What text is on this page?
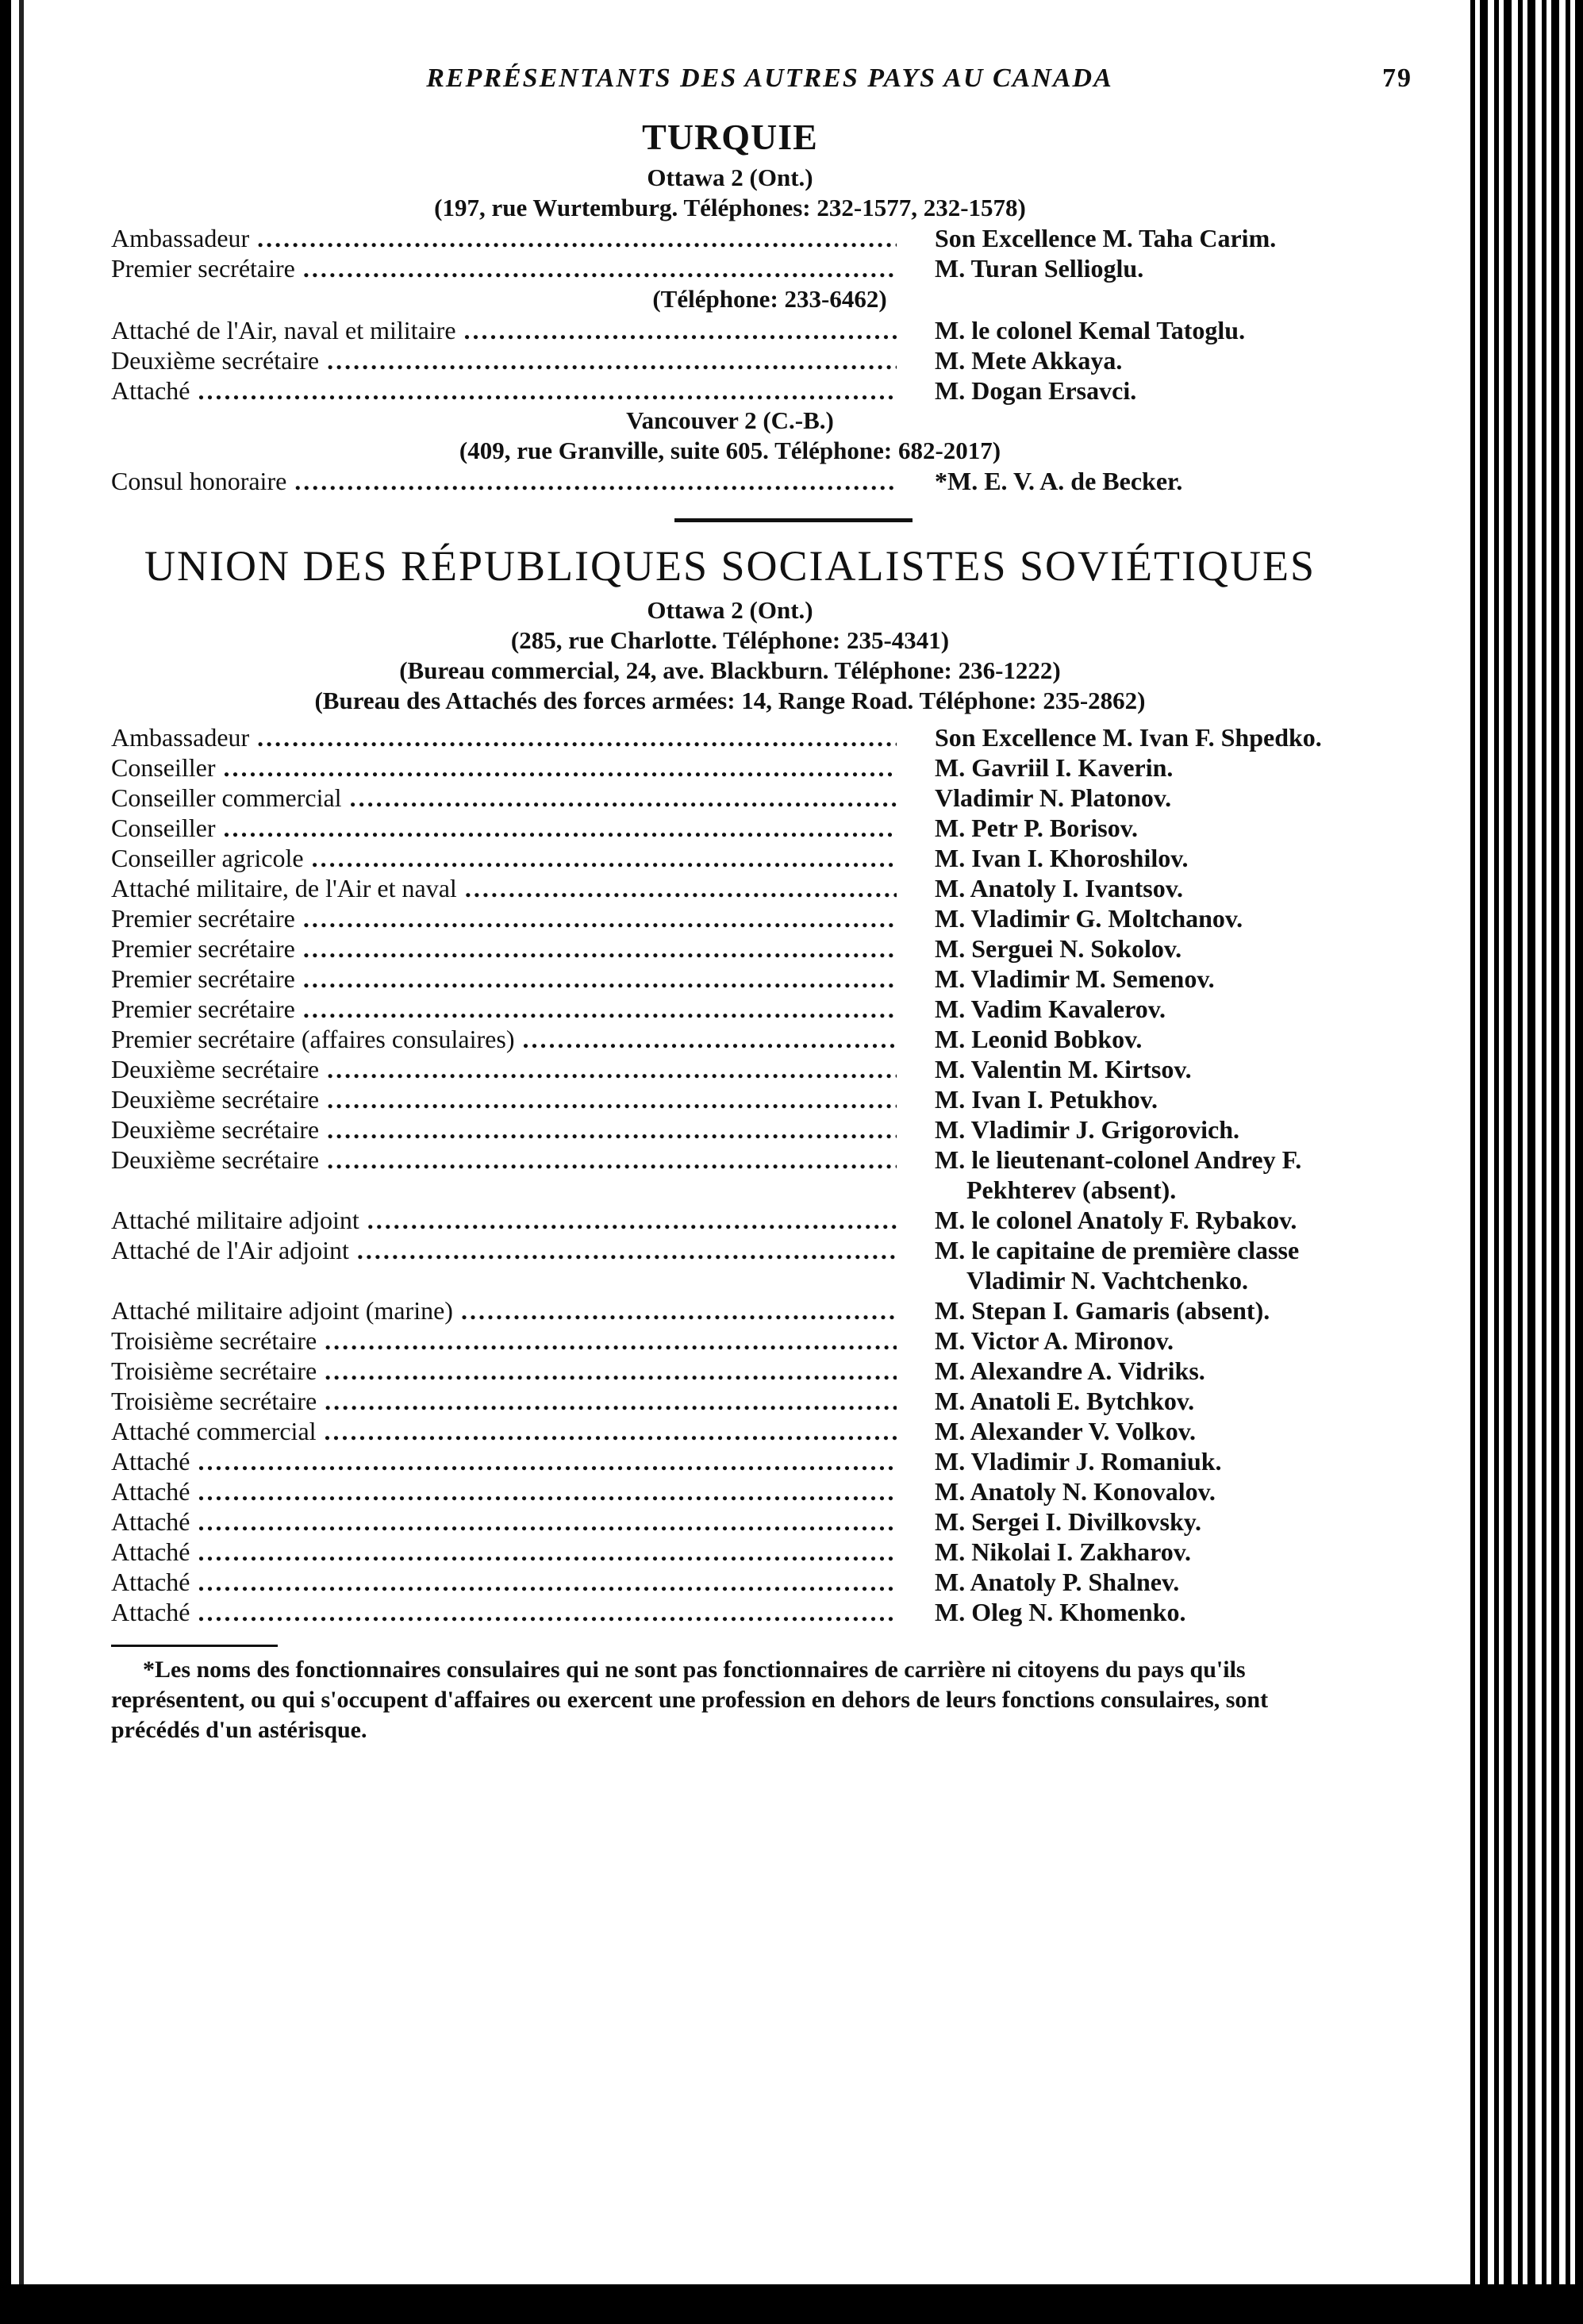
REPRÉSENTANTS DES AUTRES PAYS AU CANADA	79
TURQUIE
Ottawa 2 (Ont.)
(197, rue Wurtemburg. Téléphones: 232-1577, 232-1578)
Ambassadeur .....	Son Excellence M. Taha Carim.
Premier secrétaire .....	M. Turan Sellioglu.
(Téléphone: 233-6462)
Attaché de l'Air, naval et militaire .....	M. le colonel Kemal Tatoglu.
Deuxième secrétaire .....	M. Mete Akkaya.
Attaché .....	M. Dogan Ersavci.
Vancouver 2 (C.-B.)
(409, rue Granville, suite 605. Téléphone: 682-2017)
Consul honoraire .....	*M. E. V. A. de Becker.
UNION DES RÉPUBLIQUES SOCIALISTES SOVIÉTIQUES
Ottawa 2 (Ont.)
(285, rue Charlotte. Téléphone: 235-4341)
(Bureau commercial, 24, ave. Blackburn. Téléphone: 236-1222)
(Bureau des Attachés des forces armées: 14, Range Road. Téléphone: 235-2862)
Ambassadeur .....	Son Excellence M. Ivan F. Shpedko.
Conseiller .....	M. Gavriil I. Kaverin.
Conseiller commercial .....	Vladimir N. Platonov.
Conseiller .....	M. Petr P. Borisov.
Conseiller agricole .....	M. Ivan I. Khoroshilov.
Attaché militaire, de l'Air et naval .....	M. Anatoly I. Ivantsov.
Premier secrétaire .....	M. Vladimir G. Moltchanov.
Premier secrétaire .....	M. Serguei N. Sokolov.
Premier secrétaire .....	M. Vladimir M. Semenov.
Premier secrétaire .....	M. Vadim Kavalerov.
Premier secrétaire (affaires consulaires) .....	M. Leonid Bobkov.
Deuxième secrétaire .....	M. Valentin M. Kirtsov.
Deuxième secrétaire .....	M. Ivan I. Petukhov.
Deuxième secrétaire .....	M. Vladimir J. Grigorovich.
Deuxième secrétaire .....	M. le lieutenant-colonel Andrey F. Pekhterev (absent).
Attaché militaire adjoint .....	M. le colonel Anatoly F. Rybakov.
Attaché de l'Air adjoint .....	M. le capitaine de première classe Vladimir N. Vachtchenko.
Attaché militaire adjoint (marine) .....	M. Stepan I. Gamaris (absent).
Troisième secrétaire .....	M. Victor A. Mironov.
Troisième secrétaire .....	M. Alexandre A. Vidriks.
Troisième secrétaire .....	M. Anatoli E. Bytchkov.
Attaché commercial .....	M. Alexander V. Volkov.
Attaché .....	M. Vladimir J. Romaniuk.
Attaché .....	M. Anatoly N. Konovalov.
Attaché .....	M. Sergei I. Divilkovsky.
Attaché .....	M. Nikolai I. Zakharov.
Attaché .....	M. Anatoly P. Shalnev.
Attaché .....	M. Oleg N. Khomenko.
*Les noms des fonctionnaires consulaires qui ne sont pas fonctionnaires de carrière ni citoyens du pays qu'ils représentent, ou qui s'occupent d'affaires ou exercent une profession en dehors de leurs fonctions consulaires, sont précédés d'un astérisque.
